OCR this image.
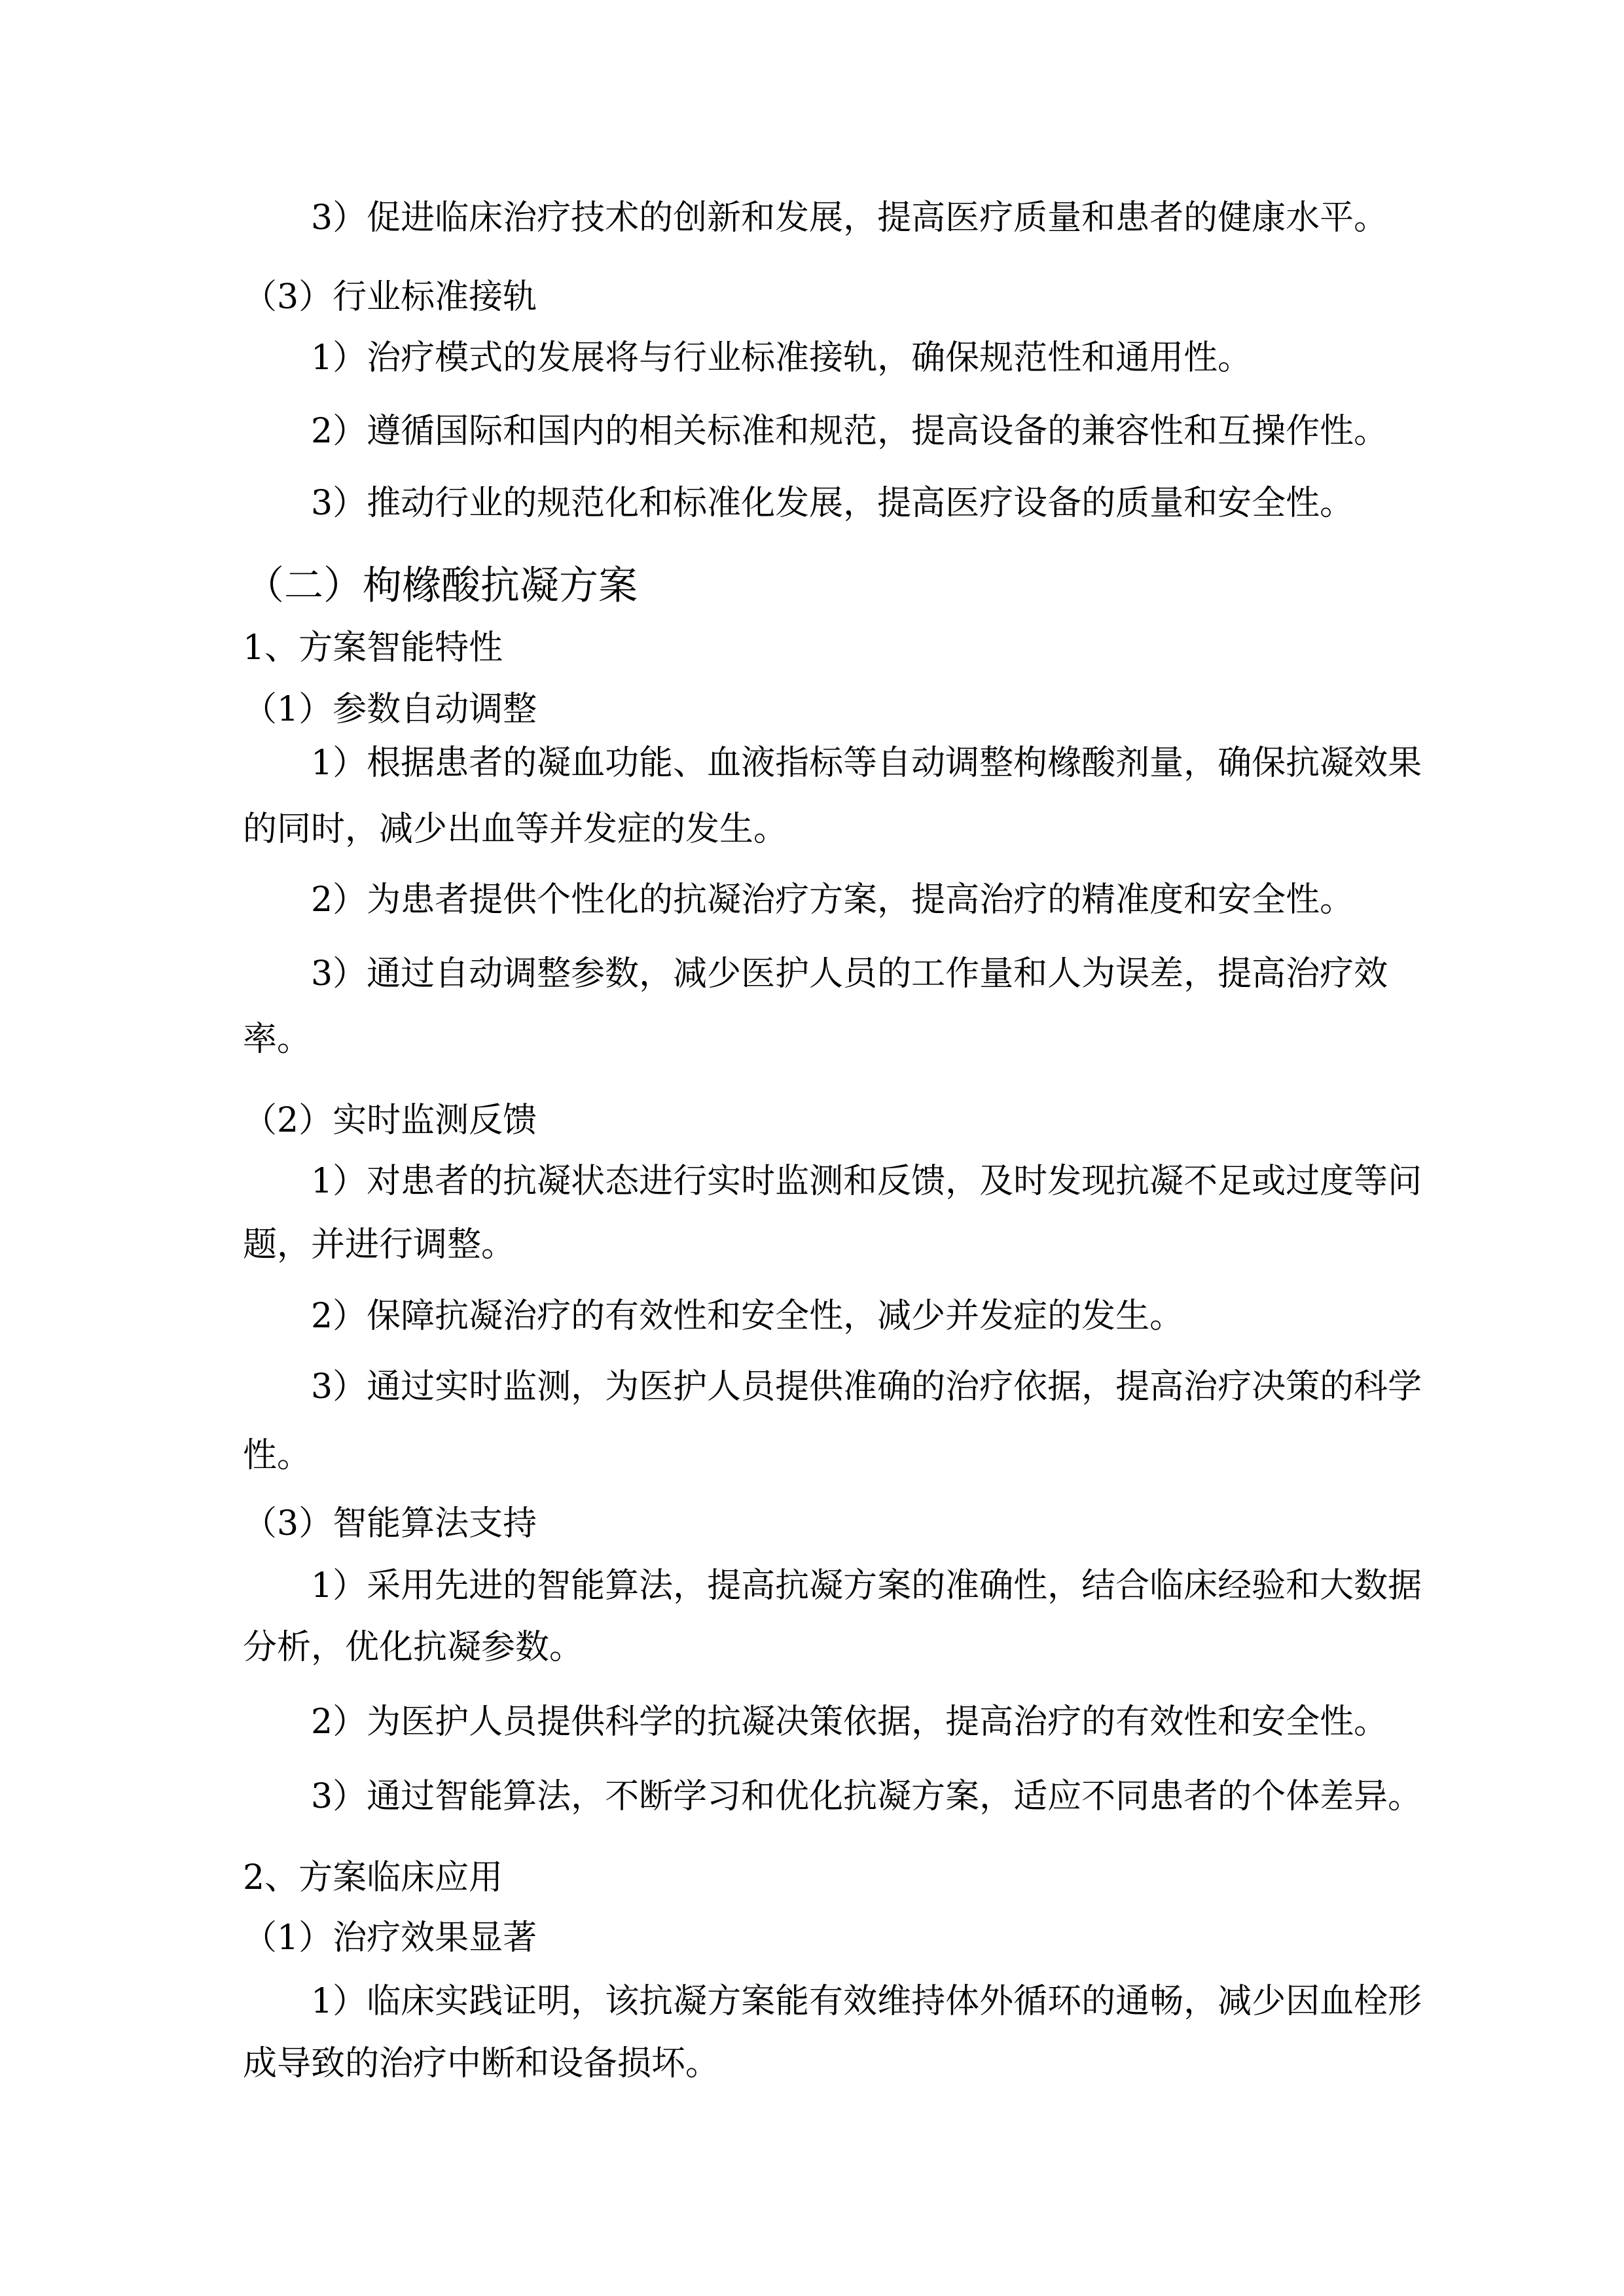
3）促进临床治疗技术的创新和发展，提高医疗质量和患者的健康水平。
（3）行业标准接轨
1）治疗模式的发展将与行业标准接轨，确保规范性和通用性。
2）遵循国际和国内的相关标准和规范，提高设备的兼容性和互操作性。
3）推动行业的规范化和标准化发展，提高医疗设备的质量和安全性。
（二）枸橼酸抗凝方案
1、方案智能特性
（1）参数自动调整
1）根据患者的凝血功能、血液指标等自动调整枸橼酸剂量，确保抗凝效果
的同时，减少出血等并发症的发生。
2）为患者提供个性化的抗凝治疗方案，提高治疗的精准度和安全性。
3）通过自动调整参数，减少医护人员的工作量和人为误差，提高治疗效
率。
（2）实时监测反馈
1）对患者的抗凝状态进行实时监测和反馈，及时发现抗凝不足或过度等问
题，并进行调整。
2）保障抗凝治疗的有效性和安全性，减少并发症的发生。
3）通过实时监测，为医护人员提供准确的治疗依据，提高治疗决策的科学
性。
（3）智能算法支持
1）采用先进的智能算法，提高抗凝方案的准确性，结合临床经验和大数据
分析，优化抗凝参数。
2）为医护人员提供科学的抗凝决策依据，提高治疗的有效性和安全性。
3）通过智能算法，不断学习和优化抗凝方案，适应不同患者的个体差异。
2、方案临床应用
（1）治疗效果显著
1）临床实践证明，该抗凝方案能有效维持体外循环的通畅，减少因血栓形
成导致的治疗中断和设备损坏。
